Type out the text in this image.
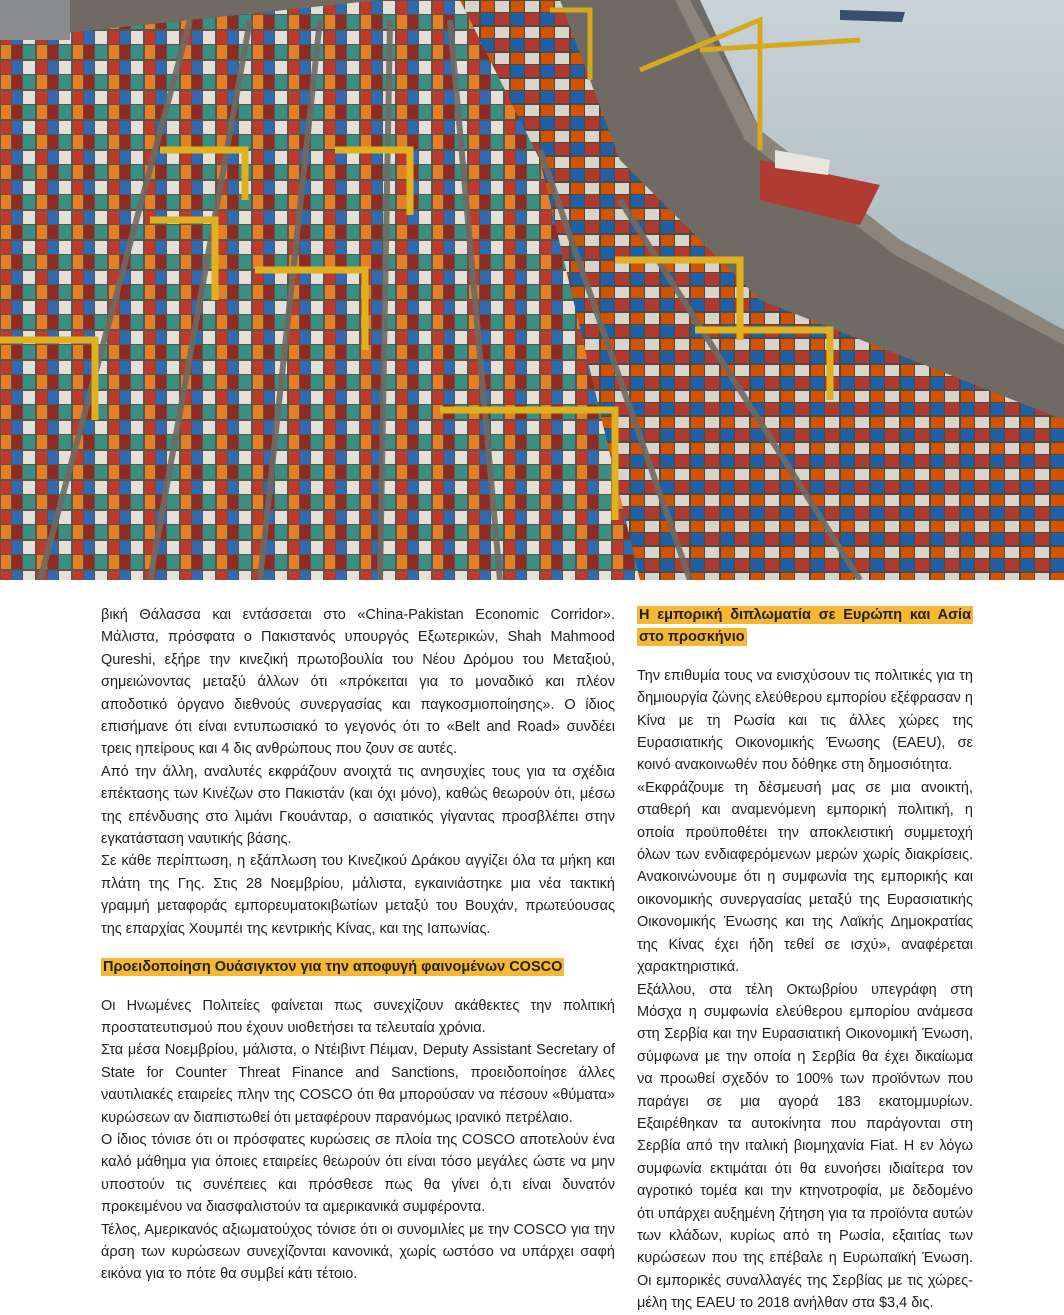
βική Θάλασσα και εντάσσεται στο «China-Pakistan Economic Corridor». Μάλιστα, πρόσφατα ο Πακιστανός υπουργός Εξωτερικών, Shah Mahmood Qureshi, εξήρε την κινεζική πρωτοβουλία του Νέου Δρόμου του Μεταξιού, σημειώνοντας μεταξύ άλλων ότι «πρόκειται για το μοναδικό και πλέον αποδοτικό όργανο διεθνούς συνεργασίας και παγκοσμιοποίησης». Ο ίδιος επισήμανε ότι είναι εντυπωσιακό το γεγονός ότι το «Belt and Road» συνδέει τρεις ηπείρους και 4 δις ανθρώπους που ζουν σε αυτές.

Από την άλλη, αναλυτές εκφράζουν ανοιχτά τις ανησυχίες τους για τα σχέδια επέκτασης των Κινέζων στο Πακιστάν (και όχι μόνο), καθώς θεωρούν ότι, μέσω της επένδυσης στο λιμάνι Γκουάνταρ, ο ασιατικός γίγαντας προσβλέπει στην εγκατάσταση ναυτικής βάσης.

Σε κάθε περίπτωση, η εξάπλωση του Κινεζικού Δράκου αγγίζει όλα τα μήκη και πλάτη της Γης. Στις 28 Νοεμβρίου, μάλιστα, εγκαινιάστηκε μια νέα τακτική γραμμή μεταφοράς εμπορευματοκιβωτίων μεταξύ του Βουχάν, πρωτεύουσας της επαρχίας Χουμπέι της κεντρικής Κίνας, και της Ιαπωνίας.

Προειδοποίηση Ουάσιγκτον για την αποφυγή φαινομένων COSCO

Οι Ηνωμένες Πολιτείες φαίνεται πως συνεχίζουν ακάθεκτες την πολιτική προστατευτισμού που έχουν υιοθετήσει τα τελευταία χρόνια.

Στα μέσα Νοεμβρίου, μάλιστα, ο Ντέιβιντ Πέιμαν, Deputy Assistant Secretary of State for Counter Threat Finance and Sanctions, προειδοποίησε άλλες ναυτιλιακές εταιρείες πλην της COSCO ότι θα μπορούσαν να πέσουν «θύματα» κυρώσεων αν διαπιστωθεί ότι μεταφέρουν παρανόμως ιρανικό πετρέλαιο.

Ο ίδιος τόνισε ότι οι πρόσφατες κυρώσεις σε πλοία της COSCO αποτελούν ένα καλό μάθημα για όποιες εταιρείες θεωρούν ότι είναι τόσο μεγάλες ώστε να μην υποστούν τις συνέπειες και πρόσθεσε πως θα γίνει ό,τι είναι δυνατόν προκειμένου να διασφαλιστούν τα αμερικανικά συμφέροντα.

Τέλος, Αμερικανός αξιωματούχος τόνισε ότι οι συνομιλίες με την COSCO για την άρση των κυρώσεων συνεχίζονται κανονικά, χωρίς ωστόσο να υπάρχει σαφή εικόνα για το πότε θα συμβεί κάτι τέτοιο.

Η εμπορική διπλωματία σε Ευρώπη και Ασία στο προσκήνιο

Την επιθυμία τους να ενισχύσουν τις πολιτικές για τη δημιουργία ζώνης ελεύθερου εμπορίου εξέφρασαν η Κίνα με τη Ρωσία και τις άλλες χώρες της Ευρασιατικής Οικονομικής Ένωσης (EAEU), σε κοινό ανακοινωθέν που δόθηκε στη δημοσιότητα.

«Εκφράζουμε τη δέσμευσή μας σε μια ανοικτή, σταθερή και αναμενόμενη εμπορική πολιτική, η οποία προϋποθέτει την αποκλειστική συμμετοχή όλων των ενδιαφερόμενων μερών χωρίς διακρίσεις. Ανακοινώνουμε ότι η συμφωνία της εμπορικής και οικονομικής συνεργασίας μεταξύ της Ευρασιατικής Οικονομικής Ένωσης και της Λαϊκής Δημοκρατίας της Κίνας έχει ήδη τεθεί σε ισχύ», αναφέρεται χαρακτηριστικά.

Εξάλλου, στα τέλη Οκτωβρίου υπεγράφη στη Μόσχα η συμφωνία ελεύθερου εμπορίου ανάμεσα στη Σερβία και την Ευρασιατική Οικονομική Ένωση, σύμφωνα με την οποία η Σερβία θα έχει δικαίωμα να προωθεί σχεδόν το 100% των προϊόντων που παράγει σε μια αγορά 183 εκατομμυρίων. Εξαιρέθηκαν τα αυτοκίνητα που παράγονται στη Σερβία από την ιταλική βιομηχανία Fiat. Η εν λόγω συμφωνία εκτιμάται ότι θα ευνοήσει ιδιαίτερα τον αγροτικό τομέα και την κτηνοτροφία, με δεδομένο ότι υπάρχει αυξημένη ζήτηση για τα προϊόντα αυτών των κλάδων, κυρίως από τη Ρωσία, εξαιτίας των κυρώσεων που της επέβαλε η Ευρωπαϊκή Ένωση. Οι εμπορικές συναλλαγές της Σερβίας με τις χώρες-μέλη της EAEU το 2018 ανήλθαν στα $3,4 δις.
